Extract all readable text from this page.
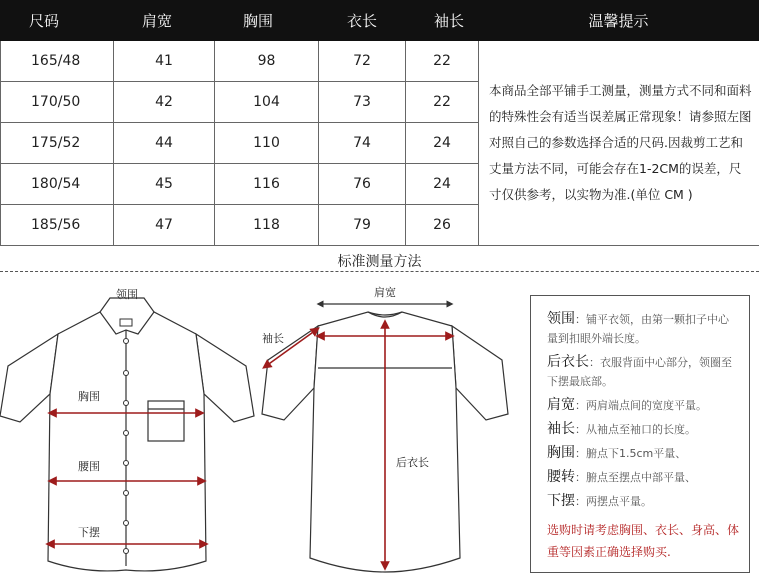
尺码	肩宽	胸围	衣长	袖长	温馨提示
165/48	41	98	72	22	本商品全部平铺手工测量，测量方式不同和面料的特殊性会有适当误差属正常现象！请参照左图对照自己的参数选择合适的尺码.因裁剪工艺和丈量方法不同，可能会存在1-2CM的误差，尺寸仅供参考，以实物为准.(单位 CM )
170/50	42	104	73	22	
175/52	44	110	74	24	
180/54	45	116	76	24	
185/56	47	118	79	26	
标准测量方法
领围
胸围
腰围
下摆
肩宽
袖长
后衣长
领围：铺平衣领，由第一颗扣子中心量到扣眼外端长度。
后衣长：衣服背面中心部分，领圈至下摆最底部。
肩宽：两肩端点间的宽度平量。
袖长：从袖点至袖口的长度。
胸围：腑点下1.5cm平量、
腰转：腑点至摆点中部平量、
下摆：两摆点平量。
选购时请考虑胸围、衣长、身高、体重等因素正确选择购买.
